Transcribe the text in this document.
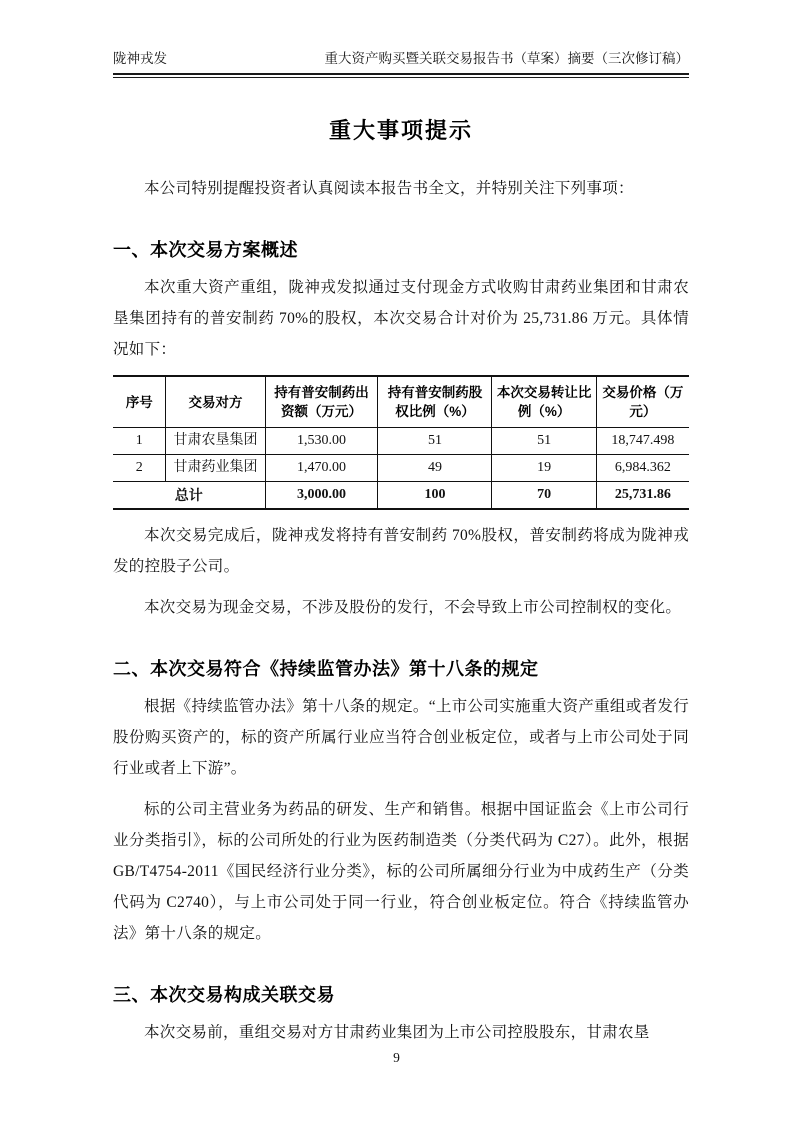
陇神戎发	重大资产购买暨关联交易报告书（草案）摘要（三次修订稿）
重大事项提示

本公司特别提醒投资者认真阅读本报告书全文，并特别关注下列事项：

一、本次交易方案概述

本次重大资产重组，陇神戎发拟通过支付现金方式收购甘肃药业集团和甘肃农垦集团持有的普安制药 70%的股权，本次交易合计对价为 25,731.86 万元。具体情况如下：

序号	交易对方	持有普安制药出资额（万元）	持有普安制药股权比例（%）	本次交易转让比例（%）	交易价格（万元）
1	甘肃农垦集团	1,530.00	51	51	18,747.498
2	甘肃药业集团	1,470.00	49	19	6,984.362
总计		3,000.00	100	70	25,731.86

本次交易完成后，陇神戎发将持有普安制药 70%股权，普安制药将成为陇神戎发的控股子公司。

本次交易为现金交易，不涉及股份的发行，不会导致上市公司控制权的变化。

二、本次交易符合《持续监管办法》第十八条的规定

根据《持续监管办法》第十八条的规定。“上市公司实施重大资产重组或者发行股份购买资产的，标的资产所属行业应当符合创业板定位，或者与上市公司处于同行业或者上下游”。

标的公司主营业务为药品的研发、生产和销售。根据中国证监会《上市公司行业分类指引》，标的公司所处的行业为医药制造类（分类代码为 C27）。此外，根据 GB/T4754-2011《国民经济行业分类》，标的公司所属细分行业为中成药生产（分类代码为 C2740），与上市公司处于同一行业，符合创业板定位。符合《持续监管办法》第十八条的规定。

三、本次交易构成关联交易

本次交易前，重组交易对方甘肃药业集团为上市公司控股股东，甘肃农垦

9
